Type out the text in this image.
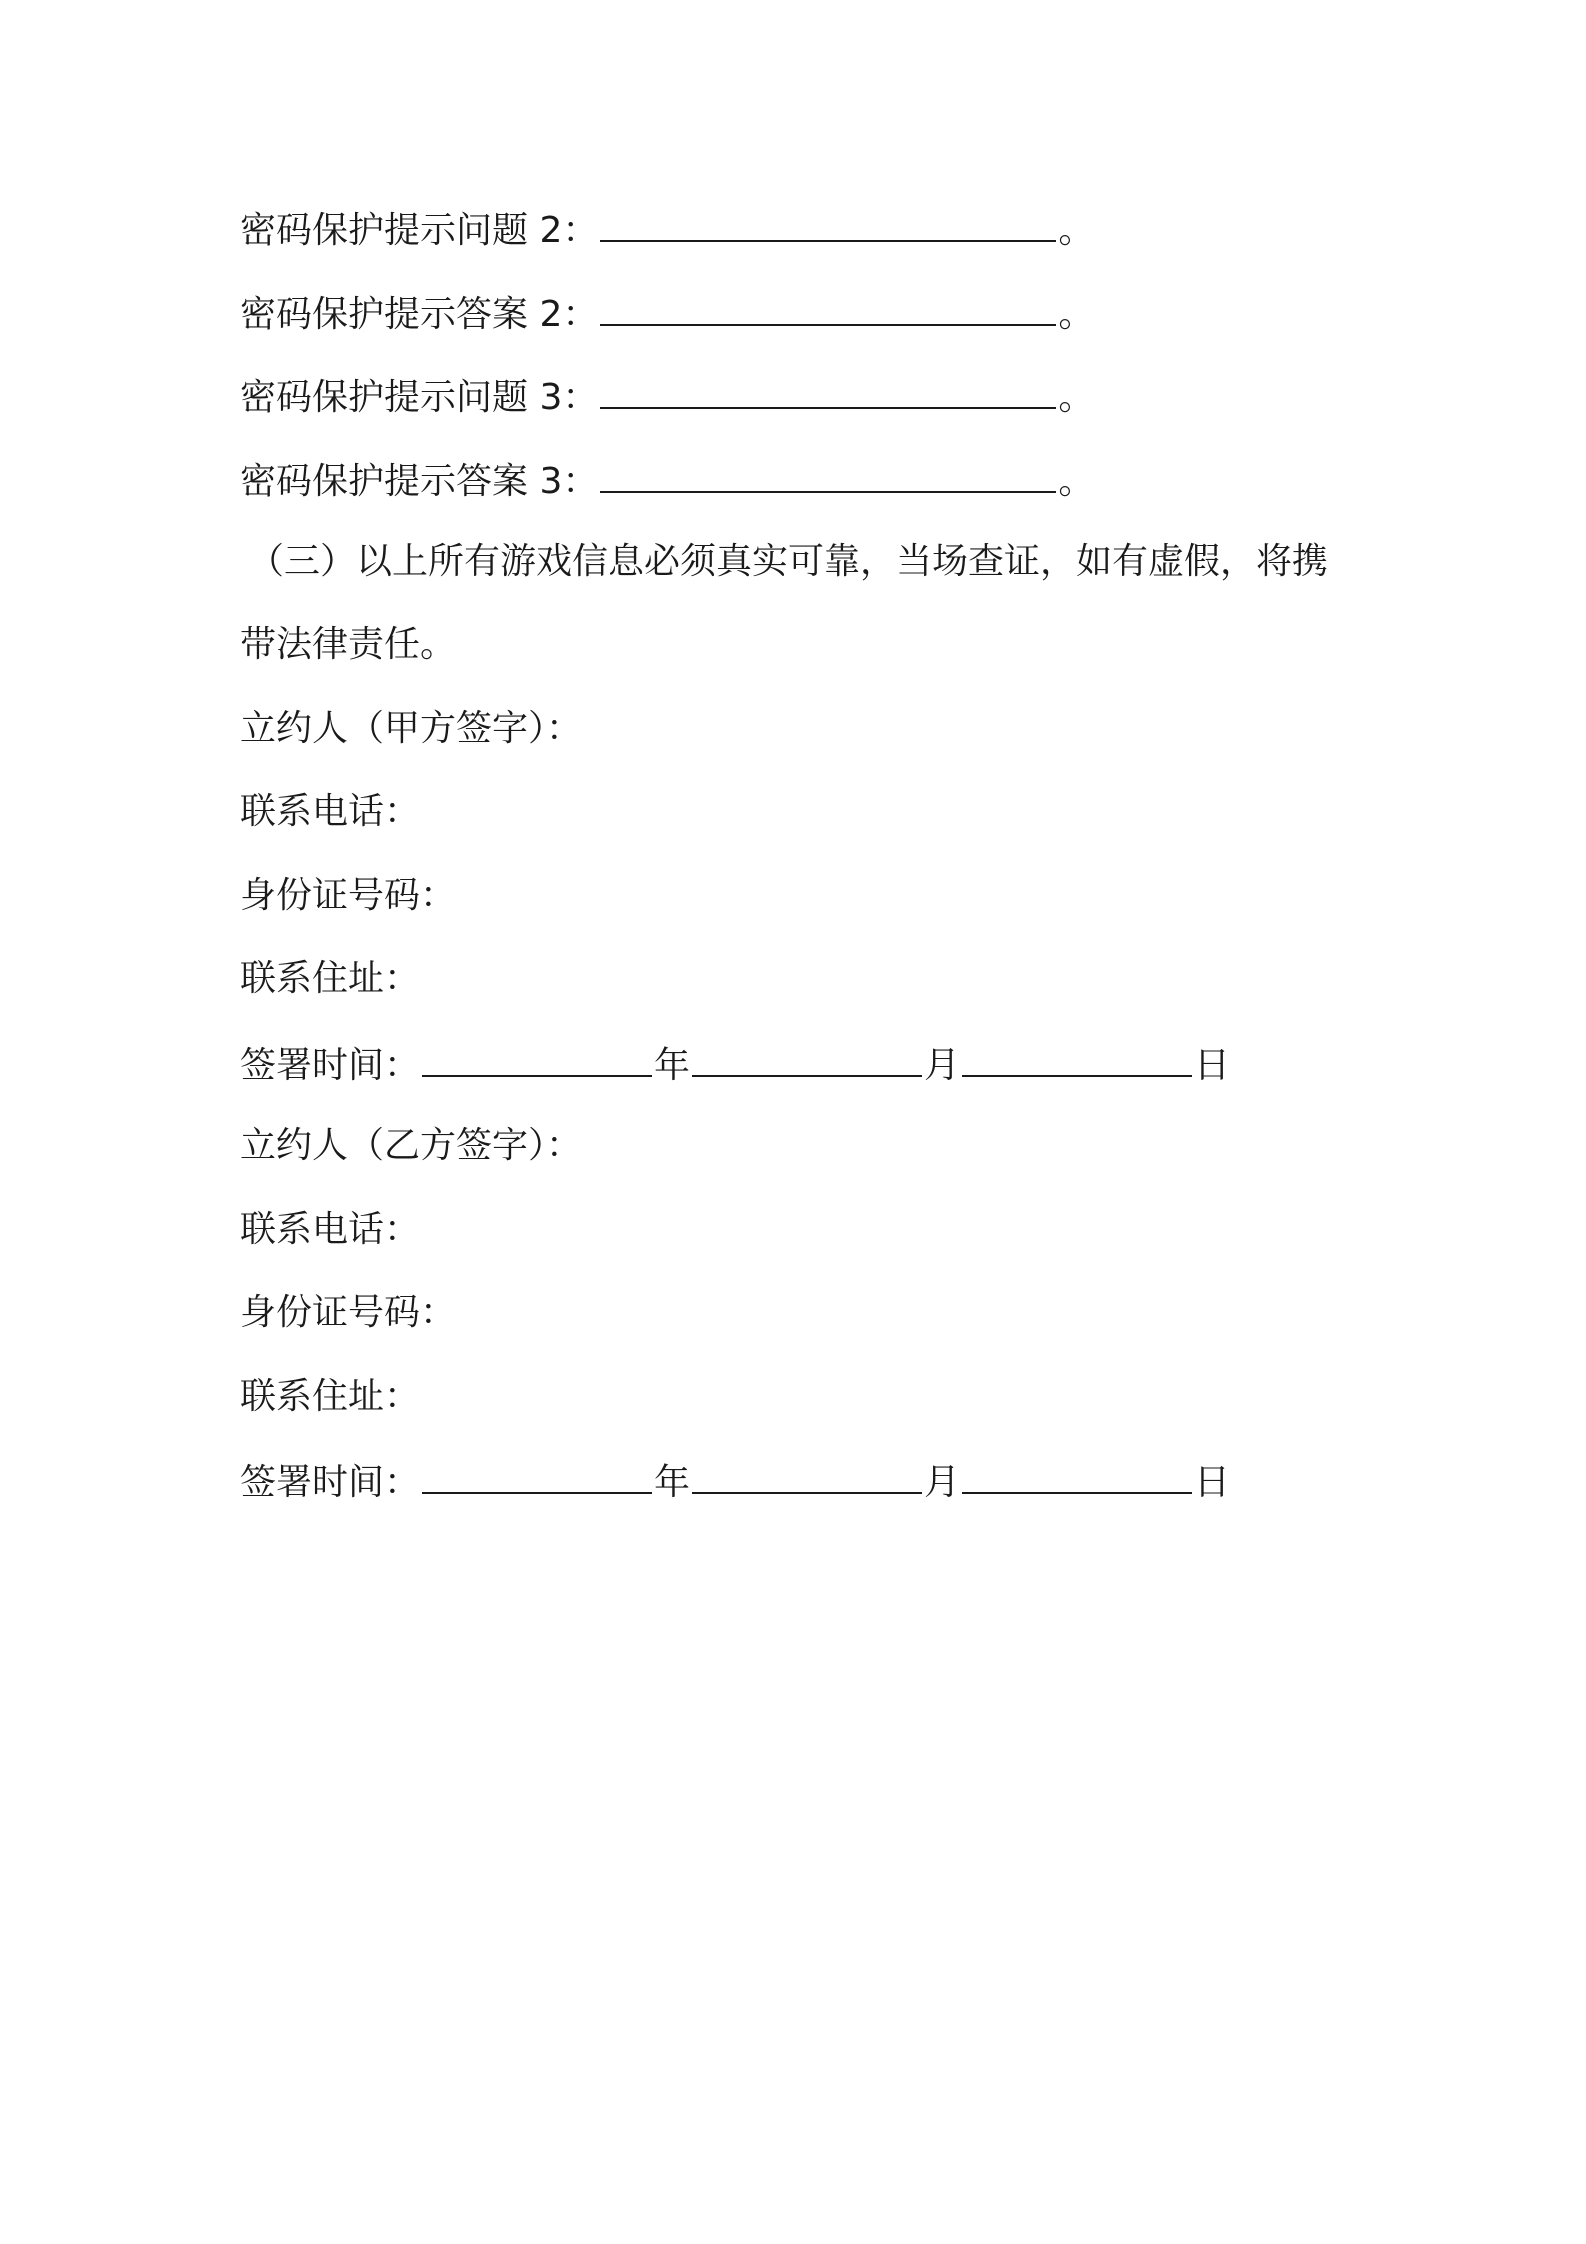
密码保护提示问题 2：	。
密码保护提示答案 2：	。
密码保护提示问题 3：	。
密码保护提示答案 3：	。
（三）以上所有游戏信息必须真实可靠，当场查证，如有虚假，将携
带法律责任。
立约人（甲方签字）：
联系电话：
身份证号码：
联系住址：
签署时间：	年	月	日
立约人（乙方签字）：
联系电话：
身份证号码：
联系住址：
签署时间：	年	月	日
